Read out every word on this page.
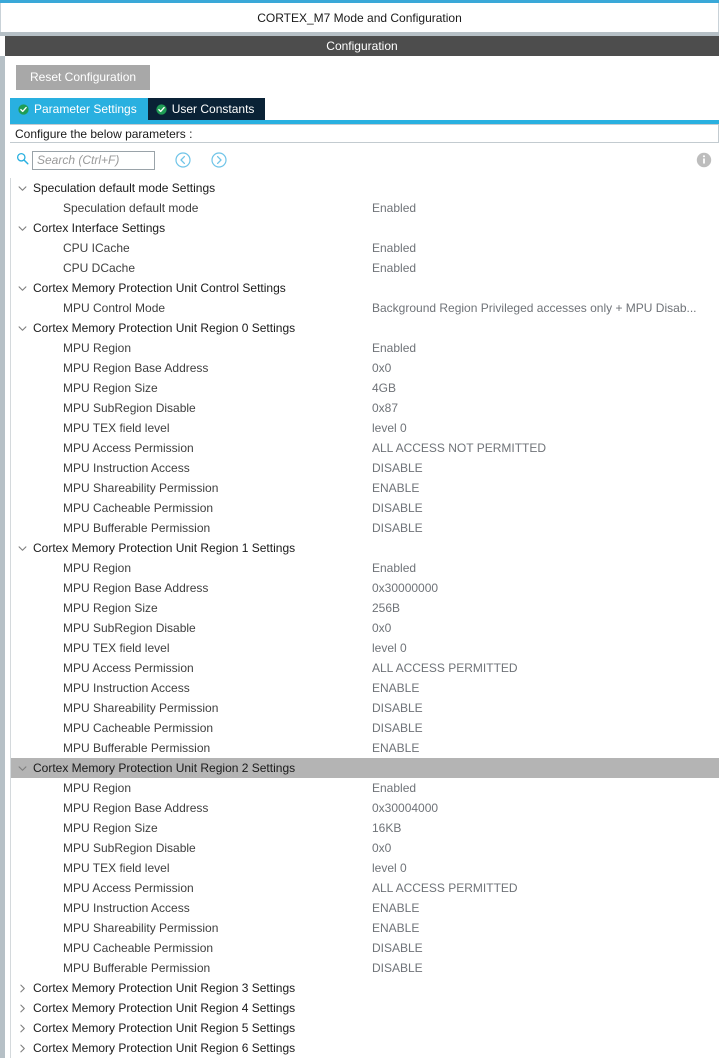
CORTEX_M7 Mode and Configuration
Configuration
Reset Configuration
Parameter Settings	User Constants
Configure the below parameters :
Search (Ctrl+F)
Speculation default mode Settings
Speculation default mode	Enabled
Cortex Interface Settings
CPU ICache	Enabled
CPU DCache	Enabled
Cortex Memory Protection Unit Control Settings
MPU Control Mode	Background Region Privileged accesses only + MPU Disab...
Cortex Memory Protection Unit Region 0 Settings
MPU Region	Enabled
MPU Region Base Address	0x0
MPU Region Size	4GB
MPU SubRegion Disable	0x87
MPU TEX field level	level 0
MPU Access Permission	ALL ACCESS NOT PERMITTED
MPU Instruction Access	DISABLE
MPU Shareability Permission	ENABLE
MPU Cacheable Permission	DISABLE
MPU Bufferable Permission	DISABLE
Cortex Memory Protection Unit Region 1 Settings
MPU Region	Enabled
MPU Region Base Address	0x30000000
MPU Region Size	256B
MPU SubRegion Disable	0x0
MPU TEX field level	level 0
MPU Access Permission	ALL ACCESS PERMITTED
MPU Instruction Access	ENABLE
MPU Shareability Permission	DISABLE
MPU Cacheable Permission	DISABLE
MPU Bufferable Permission	ENABLE
Cortex Memory Protection Unit Region 2 Settings
MPU Region	Enabled
MPU Region Base Address	0x30004000
MPU Region Size	16KB
MPU SubRegion Disable	0x0
MPU TEX field level	level 0
MPU Access Permission	ALL ACCESS PERMITTED
MPU Instruction Access	ENABLE
MPU Shareability Permission	ENABLE
MPU Cacheable Permission	DISABLE
MPU Bufferable Permission	DISABLE
Cortex Memory Protection Unit Region 3 Settings
Cortex Memory Protection Unit Region 4 Settings
Cortex Memory Protection Unit Region 5 Settings
Cortex Memory Protection Unit Region 6 Settings
